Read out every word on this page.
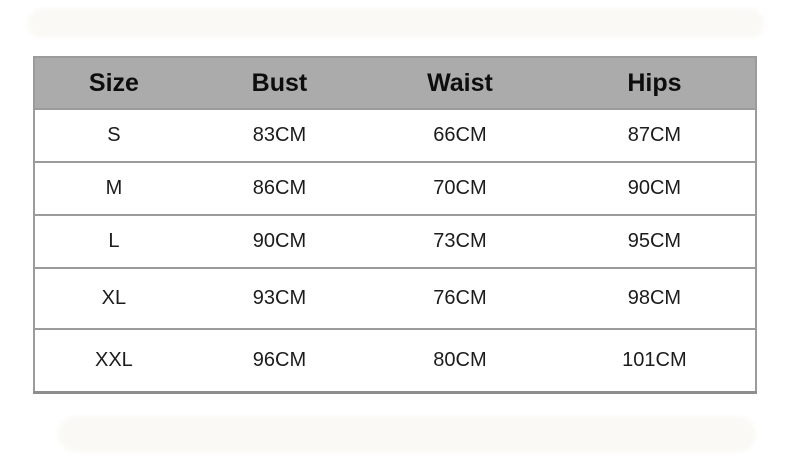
Size	Bust	Waist	Hips
S	83CM	66CM	87CM
M	86CM	70CM	90CM
L	90CM	73CM	95CM
XL	93CM	76CM	98CM
XXL	96CM	80CM	101CM
